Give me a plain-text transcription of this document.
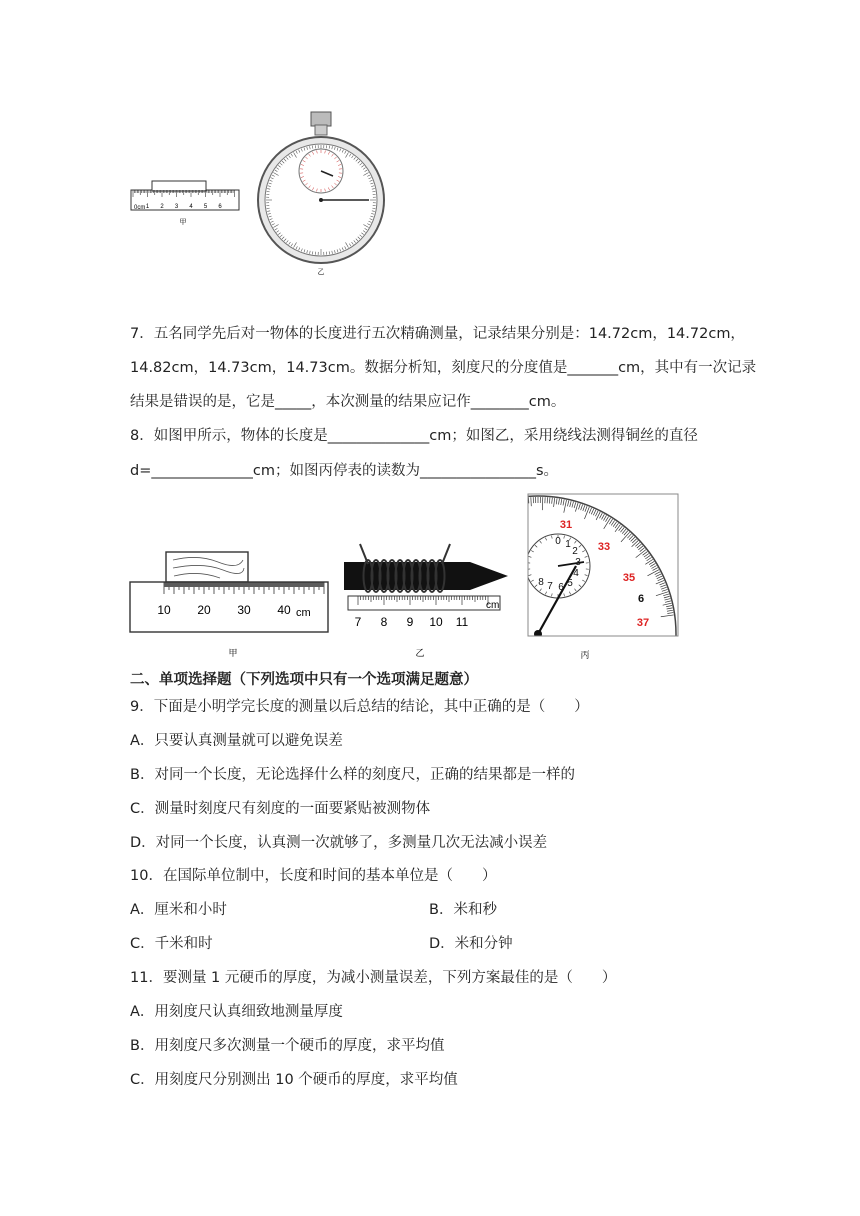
0cm 1 2 3 4 5 6
甲
乙
7．五名同学先后对一物体的长度进行五次精确测量，记录结果分别是：14.72cm，14.72cm，
14.82cm，14.73cm，14.73cm。数据分析知，刻度尺的分度值是_______cm，其中有一次记录
结果是错误的是，它是_____，本次测量的结果应记作________cm。
8．如图甲所示，物体的长度是______________cm；如图乙，采用绕线法测得铜丝的直径
d=______________cm；如图丙停表的读数为________________s。
10 20 30 40 cm
甲
7 8 9 10 11
cm
乙
0 1
2
3
4
5
6
7
8
31
33
35
6
37
丙
二、单项选择题（下列选项中只有一个选项满足题意）
9．下面是小明学完长度的测量以后总结的结论，其中正确的是（　　）
A．只要认真测量就可以避免误差
B．对同一个长度，无论选择什么样的刻度尺，正确的结果都是一样的
C．测量时刻度尺有刻度的一面要紧贴被测物体
D．对同一个长度，认真测一次就够了，多测量几次无法减小误差
10．在国际单位制中，长度和时间的基本单位是（　　）
A．厘米和小时	B．米和秒
C．千米和时	D．米和分钟
11．要测量 1 元硬币的厚度，为减小测量误差，下列方案最佳的是（　　）
A．用刻度尺认真细致地测量厚度
B．用刻度尺多次测量一个硬币的厚度，求平均值
C．用刻度尺分别测出 10 个硬币的厚度，求平均值
